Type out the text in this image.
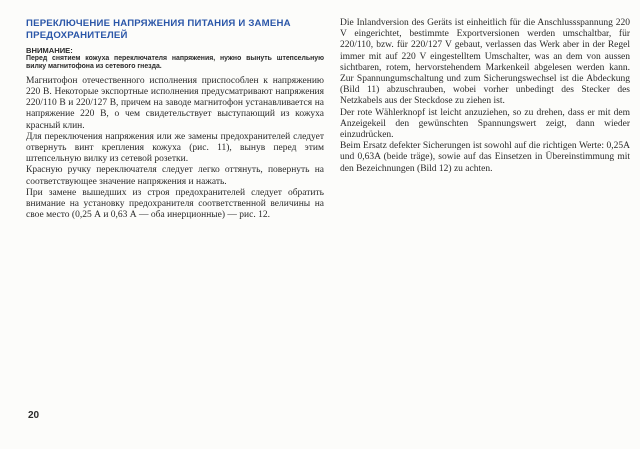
ПЕРЕКЛЮЧЕНИЕ НАПРЯЖЕНИЯ ПИТАНИЯ И ЗАМЕНА ПРЕДОХРАНИТЕЛЕЙ

ВНИМАНИЕ:

Перед снятием кожуха переключателя напряжения, нужно вынуть штепсельную вилку магнитофона из сетевого гнезда.

Магнитофон отечественного исполнения приспособлен к напряжению 220 В. Некоторые экспортные исполнения предусматривают напряжения 220/110 В и 220/127 В, причем на заводе магнитофон устанавливается на напряжение 220 В, о чем свидетельствует выступающий из кожуха красный клин.

Для переключения напряжения или же замены предохранителей следует отвернуть винт крепления кожуха (рис. 11), вынув перед этим штепсельную вилку из сетевой розетки.

Красную ручку переключателя следует легко оттянуть, повернуть на соответствующее значение напряжения и нажать.

При замене вышедших из строя предохранителей следует обратить внимание на установку предохранителя соответственной величины на свое место (0,25 А и 0,63 А — оба инерционные) — рис. 12.

Die Inlandversion des Geräts ist einheitlich für die Anschlussspannung 220 V eingerichtet, bestimmte Exportversionen werden umschaltbar, für 220/110, bzw. für 220/127 V gebaut, verlassen das Werk aber in der Regel immer mit auf 220 V eingestelltem Umschalter, was an dem von aussen sichtbaren, rotem, hervorstehendem Markenkeil abgelesen werden kann. Zur Spannungumschaltung und zum Sicherungswechsel ist die Abdeckung (Bild 11) abzuschrauben, wobei vorher unbedingt des Stecker des Netzkabels aus der Steckdose zu ziehen ist.

Der rote Wählerknopf ist leicht anzuziehen, so zu drehen, dass er mit dem Anzeigekeil den gewünschten Spannungswert zeigt, dann wieder einzudrücken.

Beim Ersatz defekter Sicherungen ist sowohl auf die richtigen Werte: 0,25A und 0,63A (beide träge), sowie auf das Einsetzen in Übereinstimmung mit den Bezeichnungen (Bild 12) zu achten.

20
